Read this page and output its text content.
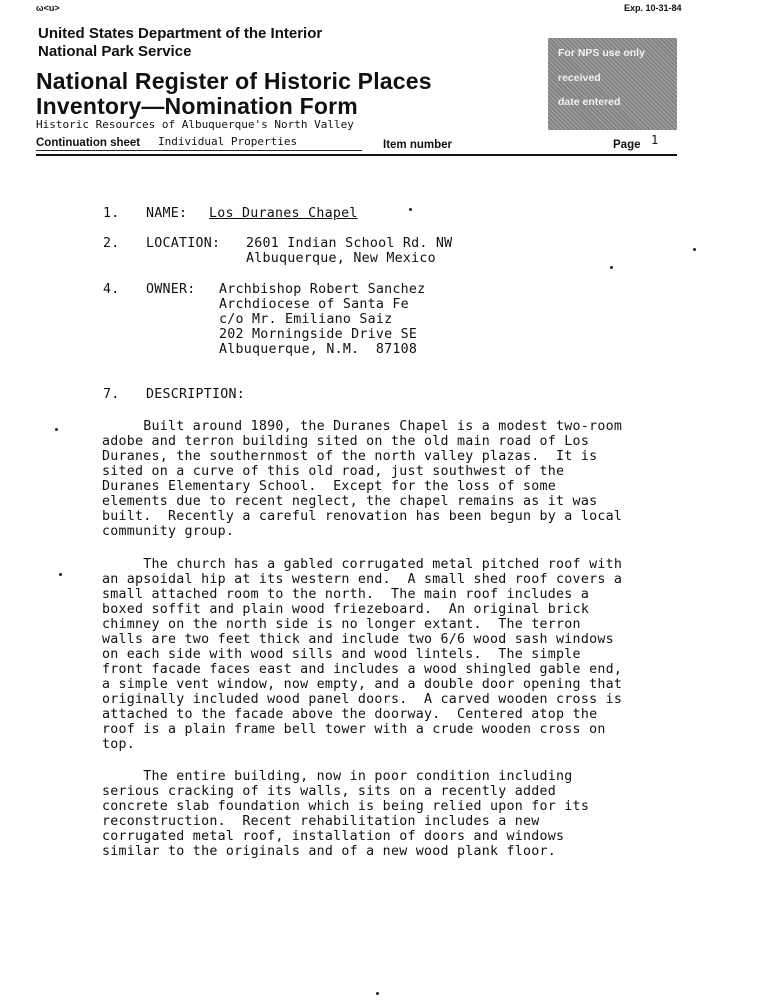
ω<u>	Exp. 10-31-84
United States Department of the Interior
National Park Service
National Register of Historic Places
Inventory—Nomination Form
Historic Resources of Albuquerque's North Valley
For NPS use only
received
date entered
Continuation sheet Individual Properties	Item number	Page 1
1. NAME: Los Duranes Chapel
2. LOCATION: 2601 Indian School Rd. NW
Albuquerque, New Mexico
4. OWNER: Archbishop Robert Sanchez
Archdiocese of Santa Fe
c/o Mr. Emiliano Saiz
202 Morningside Drive SE
Albuquerque, N.M.  87108
7. DESCRIPTION:
Built around 1890, the Duranes Chapel is a modest two-room
adobe and terron building sited on the old main road of Los
Duranes, the southernmost of the north valley plazas.  It is
sited on a curve of this old road, just southwest of the
Duranes Elementary School.  Except for the loss of some
elements due to recent neglect, the chapel remains as it was
built.  Recently a careful renovation has been begun by a local
community group.
The church has a gabled corrugated metal pitched roof with
an apsoidal hip at its western end.  A small shed roof covers a
small attached room to the north.  The main roof includes a
boxed soffit and plain wood friezeboard.  An original brick
chimney on the north side is no longer extant.  The terron
walls are two feet thick and include two 6/6 wood sash windows
on each side with wood sills and wood lintels.  The simple
front facade faces east and includes a wood shingled gable end,
a simple vent window, now empty, and a double door opening that
originally included wood panel doors.  A carved wooden cross is
attached to the facade above the doorway.  Centered atop the
roof is a plain frame bell tower with a crude wooden cross on
top.
The entire building, now in poor condition including
serious cracking of its walls, sits on a recently added
concrete slab foundation which is being relied upon for its
reconstruction.  Recent rehabilitation includes a new
corrugated metal roof, installation of doors and windows
similar to the originals and of a new wood plank floor.
